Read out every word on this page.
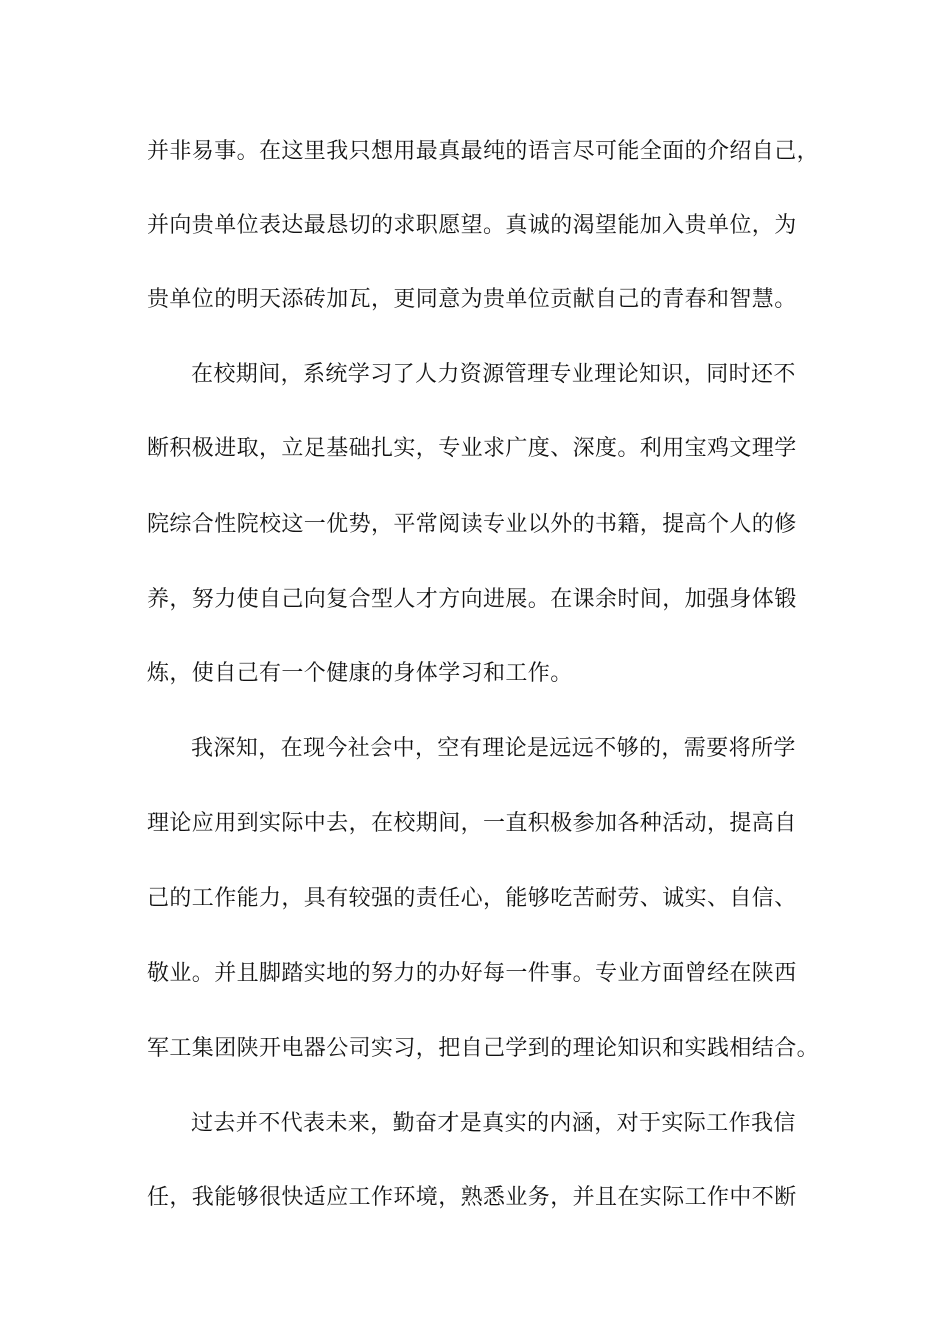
并非易事。在这里我只想用最真最纯的语言尽可能全面的介绍自己，
并向贵单位表达最恳切的求职愿望。真诚的渴望能加入贵单位，为
贵单位的明天添砖加瓦，更同意为贵单位贡献自己的青春和智慧。
在校期间，系统学习了人力资源管理专业理论知识，同时还不
断积极进取，立足基础扎实，专业求广度、深度。利用宝鸡文理学
院综合性院校这一优势，平常阅读专业以外的书籍，提高个人的修
养，努力使自己向复合型人才方向进展。在课余时间，加强身体锻
炼，使自己有一个健康的身体学习和工作。
我深知，在现今社会中，空有理论是远远不够的，需要将所学
理论应用到实际中去，在校期间，一直积极参加各种活动，提高自
己的工作能力，具有较强的责任心，能够吃苦耐劳、诚实、自信、
敬业。并且脚踏实地的努力的办好每一件事。专业方面曾经在陕西
军工集团陕开电器公司实习，把自己学到的理论知识和实践相结合。
过去并不代表未来，勤奋才是真实的内涵，对于实际工作我信
任，我能够很快适应工作环境，熟悉业务，并且在实际工作中不断
